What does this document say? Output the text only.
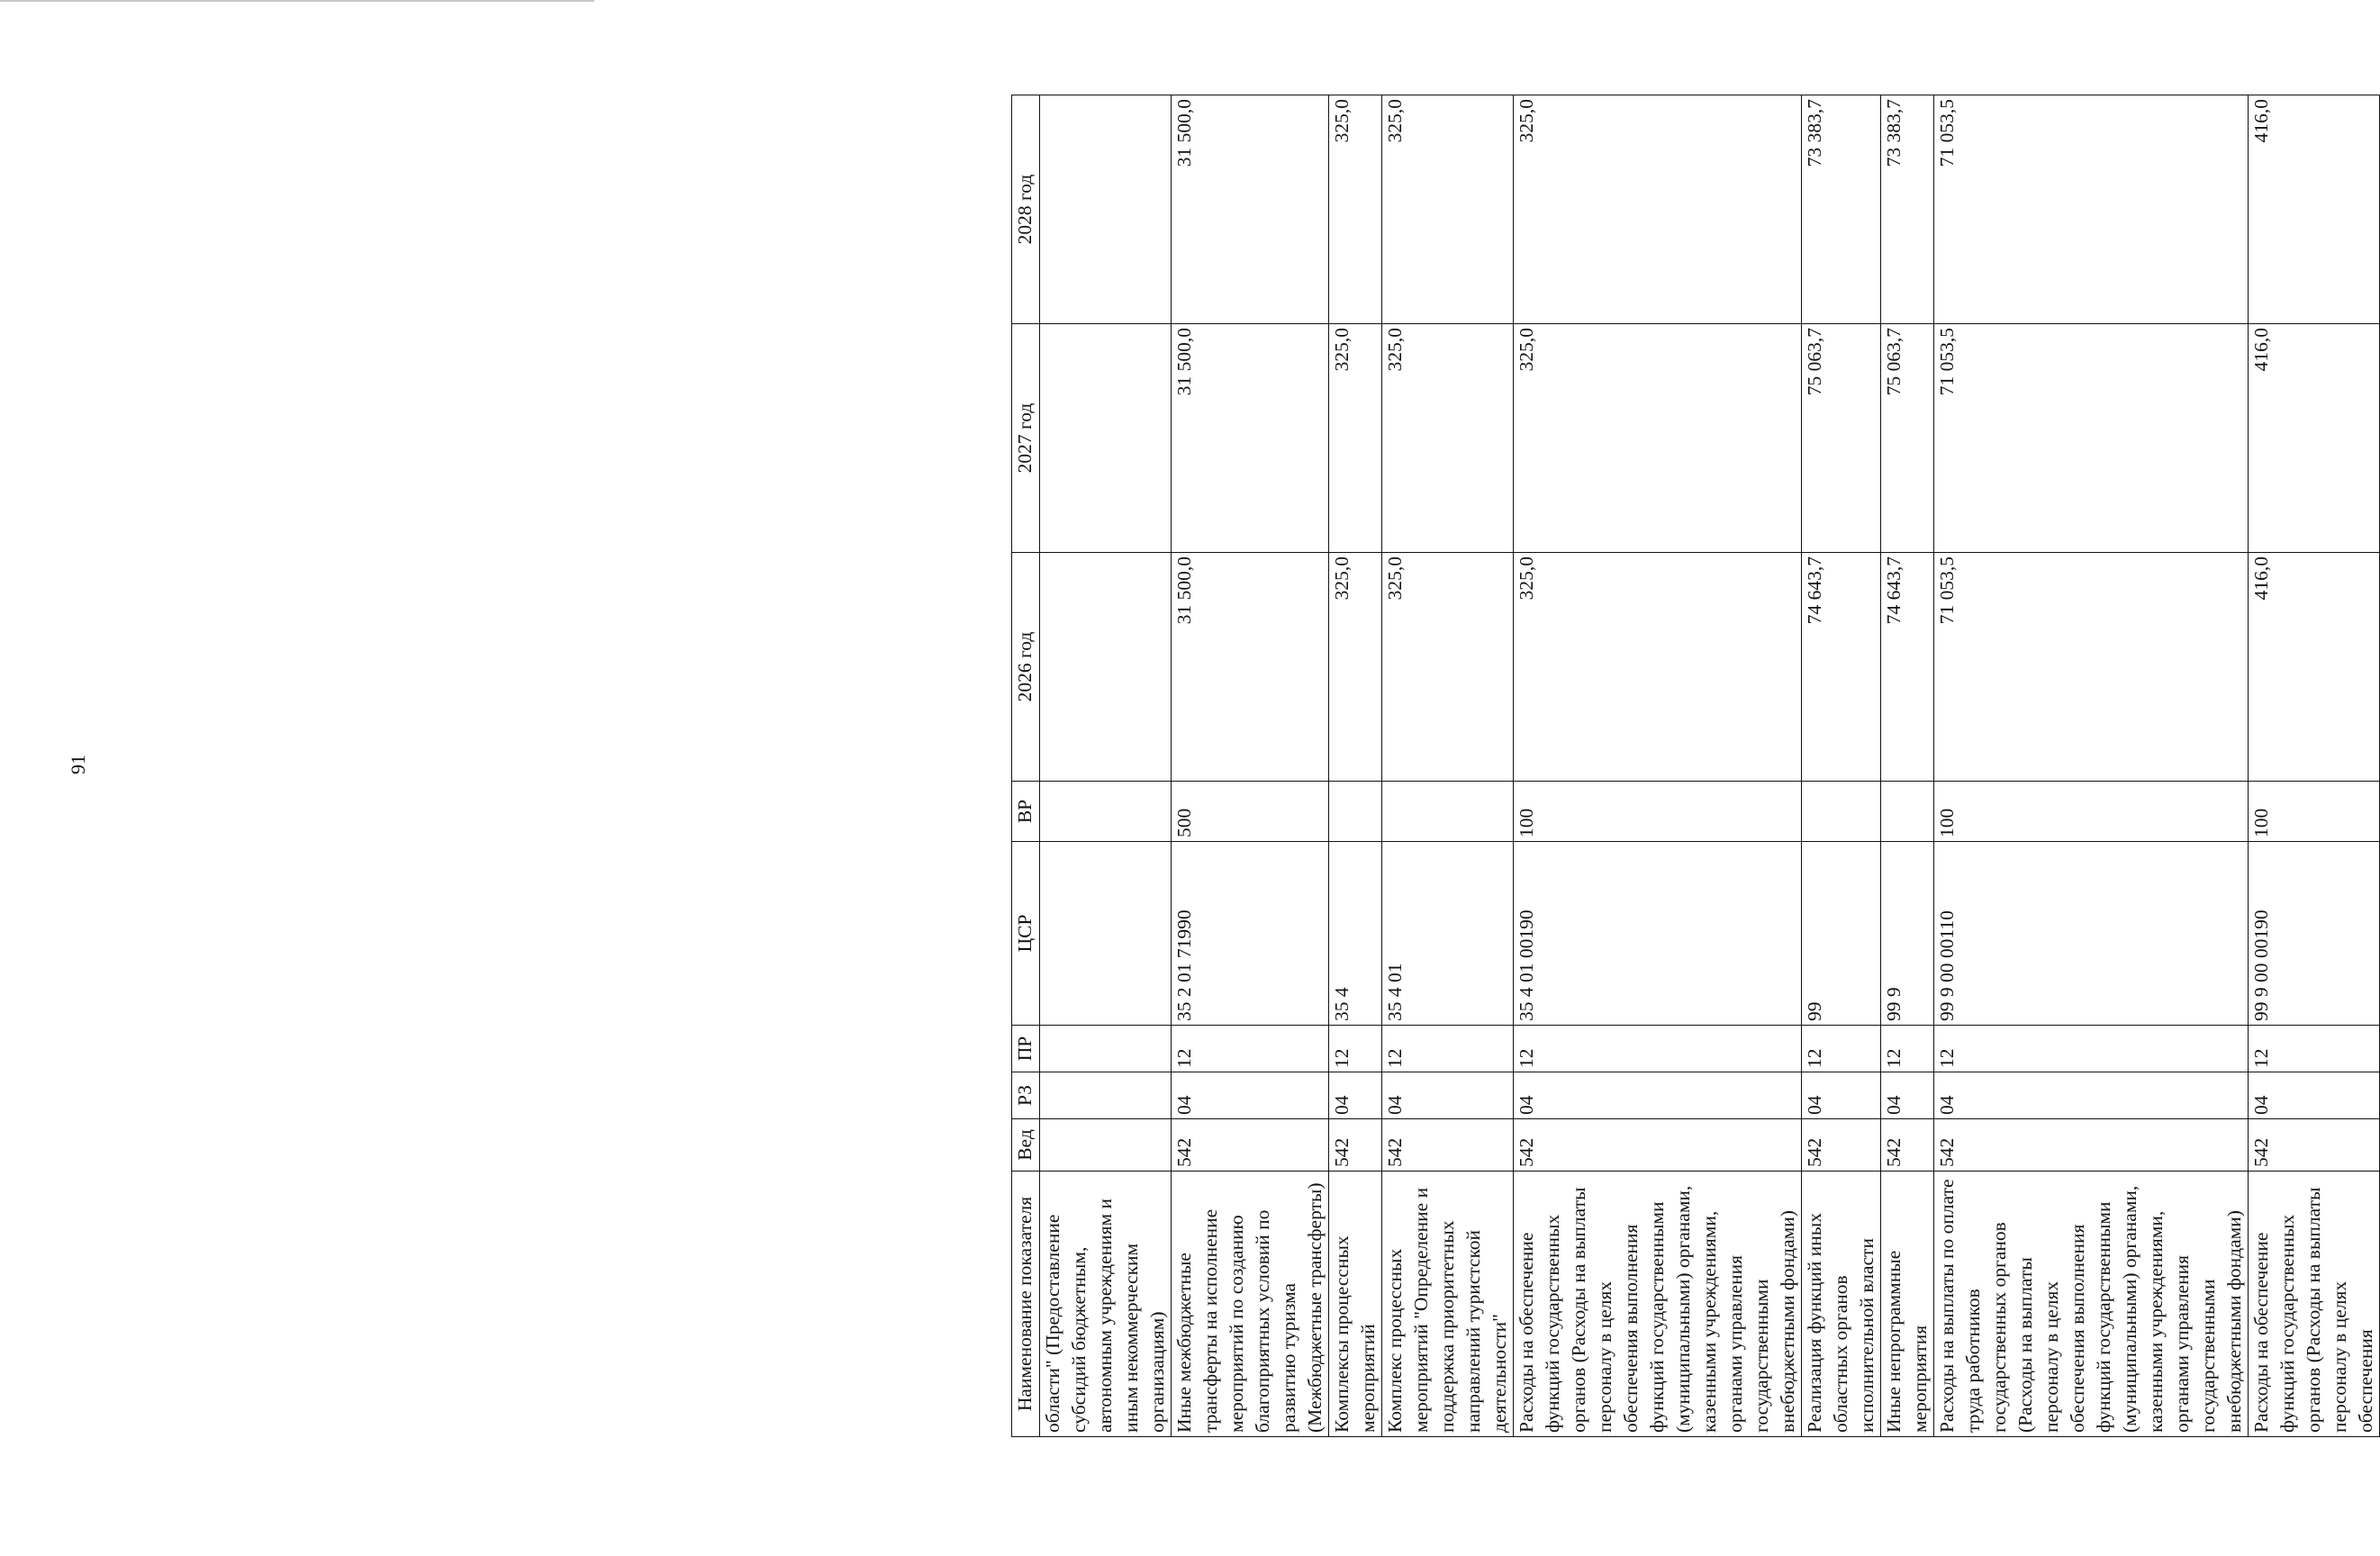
91
Наименование показателя	Вед	РЗ	ПР	ЦСР	ВР	2026 год	2027 год	2028 год
области" (Предоставление субсидий бюджетным, автономным учреждениям и иным некоммерческим организациям)								
Иные межбюджетные трансферты на исполнение мероприятий по созданию благоприятных условий по развитию туризма (Межбюджетные трансферты)	542	04	12	35 2 01 71990	500	31 500,0	31 500,0	31 500,0
Комплексы процессных мероприятий	542	04	12	35 4		325,0	325,0	325,0
Комплекс процессных мероприятий "Определение и поддержка приоритетных направлений туристской деятельности"	542	04	12	35 4 01		325,0	325,0	325,0
Расходы на обеспечение функций государственных органов (Расходы на выплаты персоналу в целях обеспечения выполнения функций государственными (муниципальными) органами, казенными учреждениями, органами управления государственными внебюджетными фондами)	542	04	12	35 4 01 00190	100	325,0	325,0	325,0
Реализация функций иных областных органов исполнительной власти	542	04	12	99		74 643,7	75 063,7	73 383,7
Иные непрограммные мероприятия	542	04	12	99 9		74 643,7	75 063,7	73 383,7
Расходы на выплаты по оплате труда работников государственных органов (Расходы на выплаты персоналу в целях обеспечения выполнения функций государственными (муниципальными) органами, казенными учреждениями, органами управления государственными внебюджетными фондами)	542	04	12	99 9 00 00110	100	71 053,5	71 053,5	71 053,5
Расходы на обеспечение функций государственных органов (Расходы на выплаты персоналу в целях обеспечения	542	04	12	99 9 00 00190	100	416,0	416,0	416,0
